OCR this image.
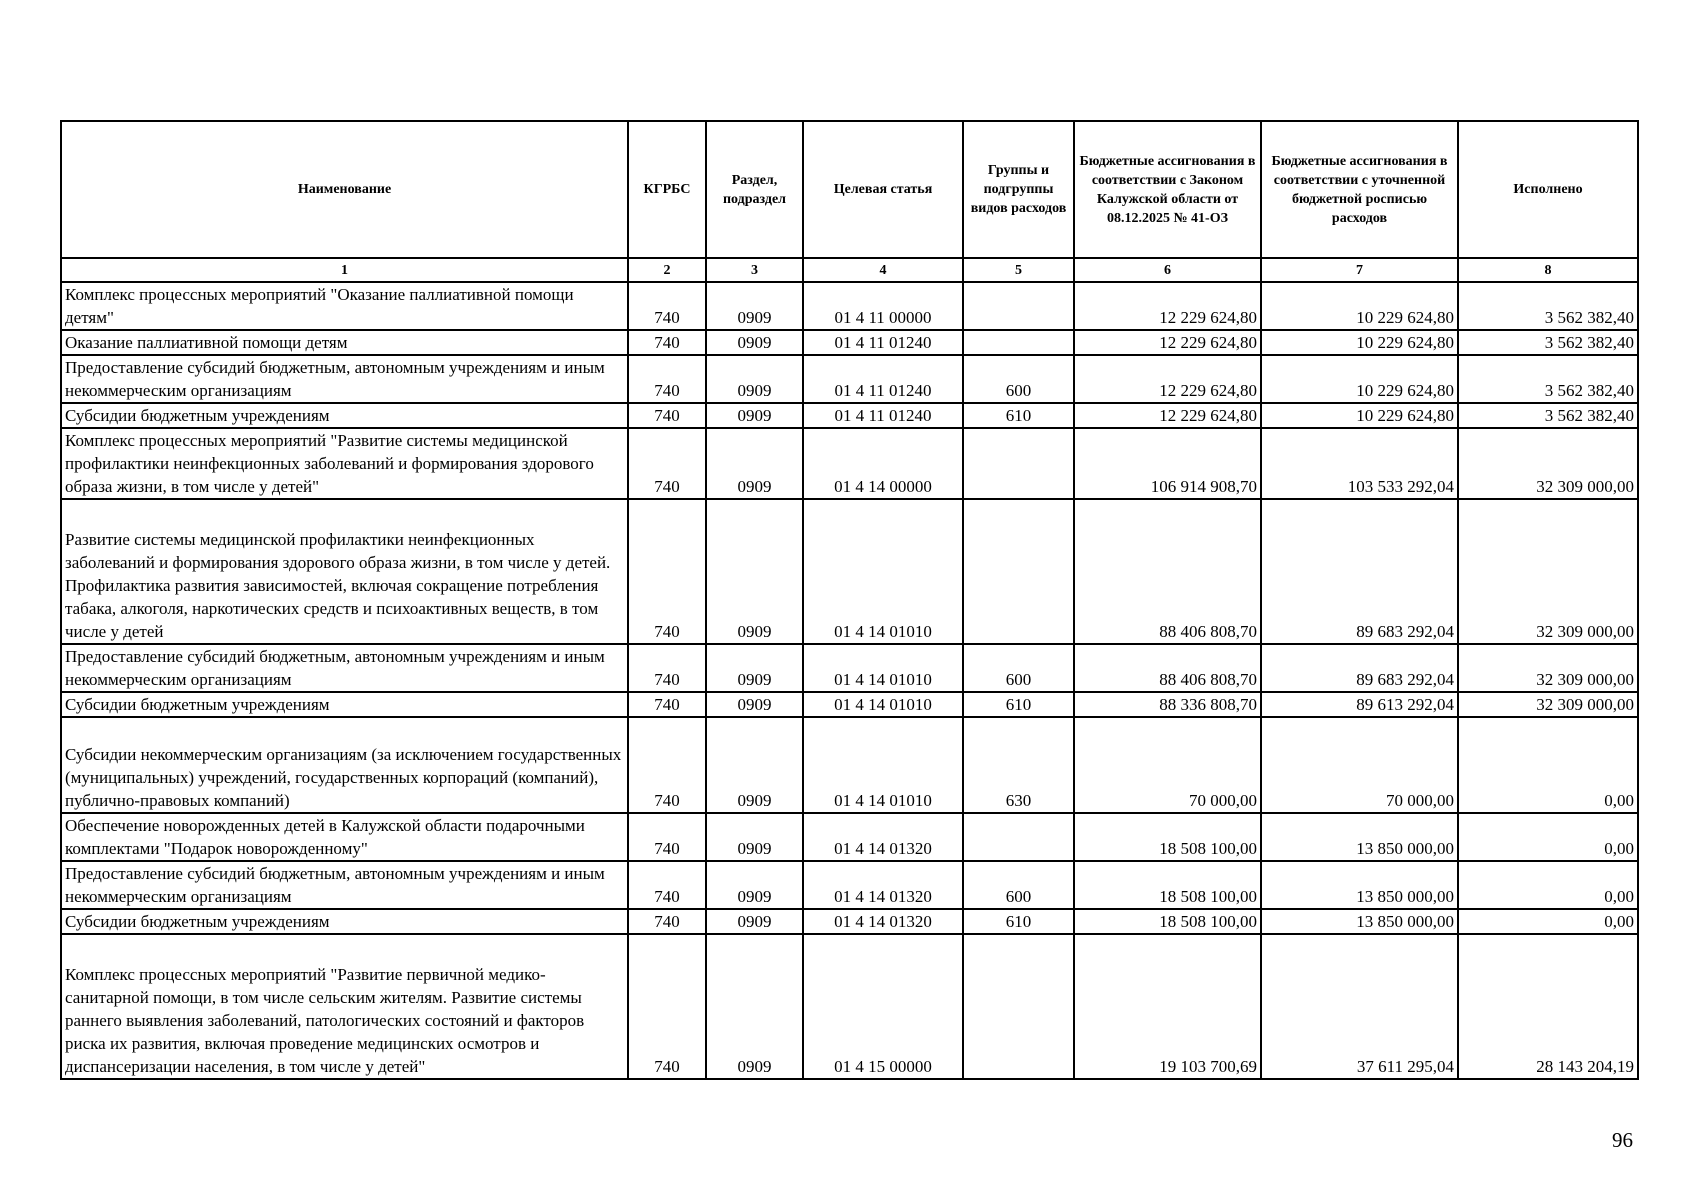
Наименование	КГРБС	Раздел, подраздел	Целевая статья	Группы и подгруппы видов расходов	Бюджетные ассигнования в соответствии с Законом Калужской области от 08.12.2025 № 41-ОЗ	Бюджетные ассигнования в соответствии с уточненной бюджетной росписью расходов	Исполнено
1	2	3	4	5	6	7	8
Комплекс процессных мероприятий "Оказание паллиативной помощи детям"	740	0909	01 4 11 00000		12 229 624,80	10 229 624,80	3 562 382,40
Оказание паллиативной помощи детям	740	0909	01 4 11 01240		12 229 624,80	10 229 624,80	3 562 382,40
Предоставление субсидий бюджетным, автономным учреждениям и иным некоммерческим организациям	740	0909	01 4 11 01240	600	12 229 624,80	10 229 624,80	3 562 382,40
Субсидии бюджетным учреждениям	740	0909	01 4 11 01240	610	12 229 624,80	10 229 624,80	3 562 382,40
Комплекс процессных мероприятий "Развитие системы медицинской профилактики неинфекционных заболеваний и формирования здорового образа жизни, в том числе у детей"	740	0909	01 4 14 00000		106 914 908,70	103 533 292,04	32 309 000,00
Развитие системы медицинской профилактики неинфекционных заболеваний и формирования здорового образа жизни, в том числе у детей. Профилактика развития зависимостей, включая сокращение потребления табака, алкоголя, наркотических средств и психоактивных веществ, в том числе у детей	740	0909	01 4 14 01010		88 406 808,70	89 683 292,04	32 309 000,00
Предоставление субсидий бюджетным, автономным учреждениям и иным некоммерческим организациям	740	0909	01 4 14 01010	600	88 406 808,70	89 683 292,04	32 309 000,00
Субсидии бюджетным учреждениям	740	0909	01 4 14 01010	610	88 336 808,70	89 613 292,04	32 309 000,00
Субсидии некоммерческим организациям (за исключением государственных (муниципальных) учреждений, государственных корпораций (компаний), публично-правовых компаний)	740	0909	01 4 14 01010	630	70 000,00	70 000,00	0,00
Обеспечение новорожденных детей в Калужской области подарочными комплектами "Подарок новорожденному"	740	0909	01 4 14 01320		18 508 100,00	13 850 000,00	0,00
Предоставление субсидий бюджетным, автономным учреждениям и иным некоммерческим организациям	740	0909	01 4 14 01320	600	18 508 100,00	13 850 000,00	0,00
Субсидии бюджетным учреждениям	740	0909	01 4 14 01320	610	18 508 100,00	13 850 000,00	0,00
Комплекс процессных мероприятий "Развитие первичной медико-санитарной помощи, в том числе сельским жителям. Развитие системы раннего выявления заболеваний, патологических состояний и факторов риска их развития, включая проведение медицинских осмотров и диспансеризации населения, в том числе у детей"	740	0909	01 4 15 00000		19 103 700,69	37 611 295,04	28 143 204,19
96
